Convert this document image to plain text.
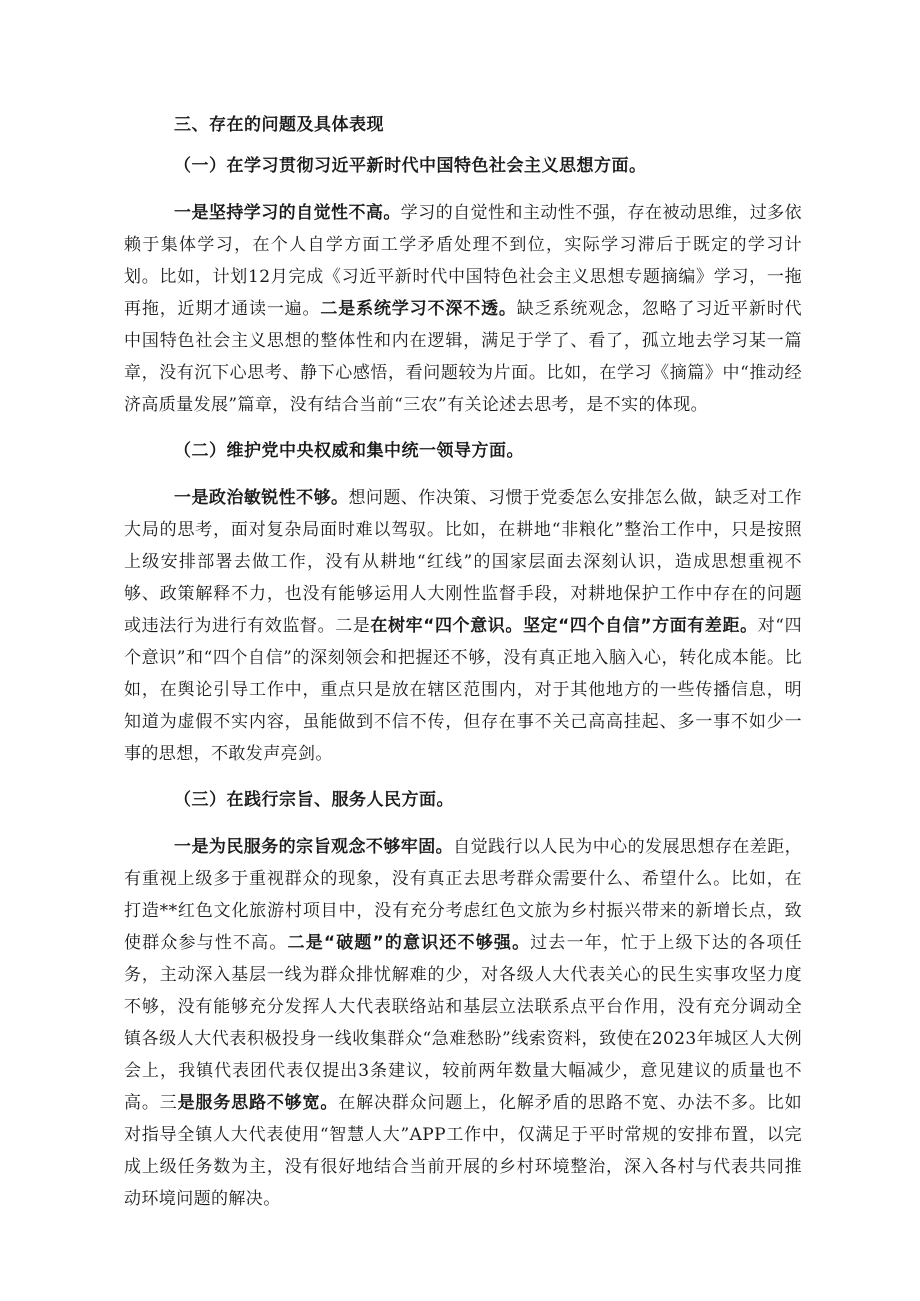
三、存在的问题及具体表现
（一）在学习贯彻习近平新时代中国特色社会主义思想方面。

一是坚持学习的自觉性不高。学习的自觉性和主动性不强，存在被动思维，过多依赖于集体学习，在个人自学方面工学矛盾处理不到位，实际学习滞后于既定的学习计划。比如，计划12月完成《习近平新时代中国特色社会主义思想专题摘编》学习，一拖再拖，近期才通读一遍。二是系统学习不深不透。缺乏系统观念，忽略了习近平新时代中国特色社会主义思想的整体性和内在逻辑，满足于学了、看了，孤立地去学习某一篇章，没有沉下心思考、静下心感悟，看问题较为片面。比如，在学习《摘篇》中“推动经济高质量发展”篇章，没有结合当前“三农”有关论述去思考，是不实的体现。

（二）维护党中央权威和集中统一领导方面。

一是政治敏锐性不够。想问题、作决策、习惯于党委怎么安排怎么做，缺乏对工作大局的思考，面对复杂局面时难以驾驭。比如，在耕地“非粮化”整治工作中，只是按照上级安排部署去做工作，没有从耕地“红线”的国家层面去深刻认识，造成思想重视不够、政策解释不力，也没有能够运用人大刚性监督手段，对耕地保护工作中存在的问题或违法行为进行有效监督。二是在树牢“四个意识。坚定“四个自信”方面有差距。对“四个意识”和“四个自信”的深刻领会和把握还不够，没有真正地入脑入心，转化成本能。比如，在舆论引导工作中，重点只是放在辖区范围内，对于其他地方的一些传播信息，明知道为虚假不实内容，虽能做到不信不传，但存在事不关己高高挂起、多一事不如少一事的思想，不敢发声亮剑。

（三）在践行宗旨、服务人民方面。

一是为民服务的宗旨观念不够牢固。自觉践行以人民为中心的发展思想存在差距，有重视上级多于重视群众的现象，没有真正去思考群众需要什么、希望什么。比如，在打造**红色文化旅游村项目中，没有充分考虑红色文旅为乡村振兴带来的新增长点，致使群众参与性不高。二是“破题”的意识还不够强。过去一年，忙于上级下达的各项任务，主动深入基层一线为群众排忧解难的少，对各级人大代表关心的民生实事攻坚力度不够，没有能够充分发挥人大代表联络站和基层立法联系点平台作用，没有充分调动全镇各级人大代表积极投身一线收集群众“急难愁盼”线索资料，致使在2023年城区人大例会上，我镇代表团代表仅提出3条建议，较前两年数量大幅减少，意见建议的质量也不高。三是服务思路不够宽。在解决群众问题上，化解矛盾的思路不宽、办法不多。比如对指导全镇人大代表使用“智慧人大”APP工作中，仅满足于平时常规的安排布置，以完成上级任务数为主，没有很好地结合当前开展的乡村环境整治，深入各村与代表共同推动环境问题的解决。
